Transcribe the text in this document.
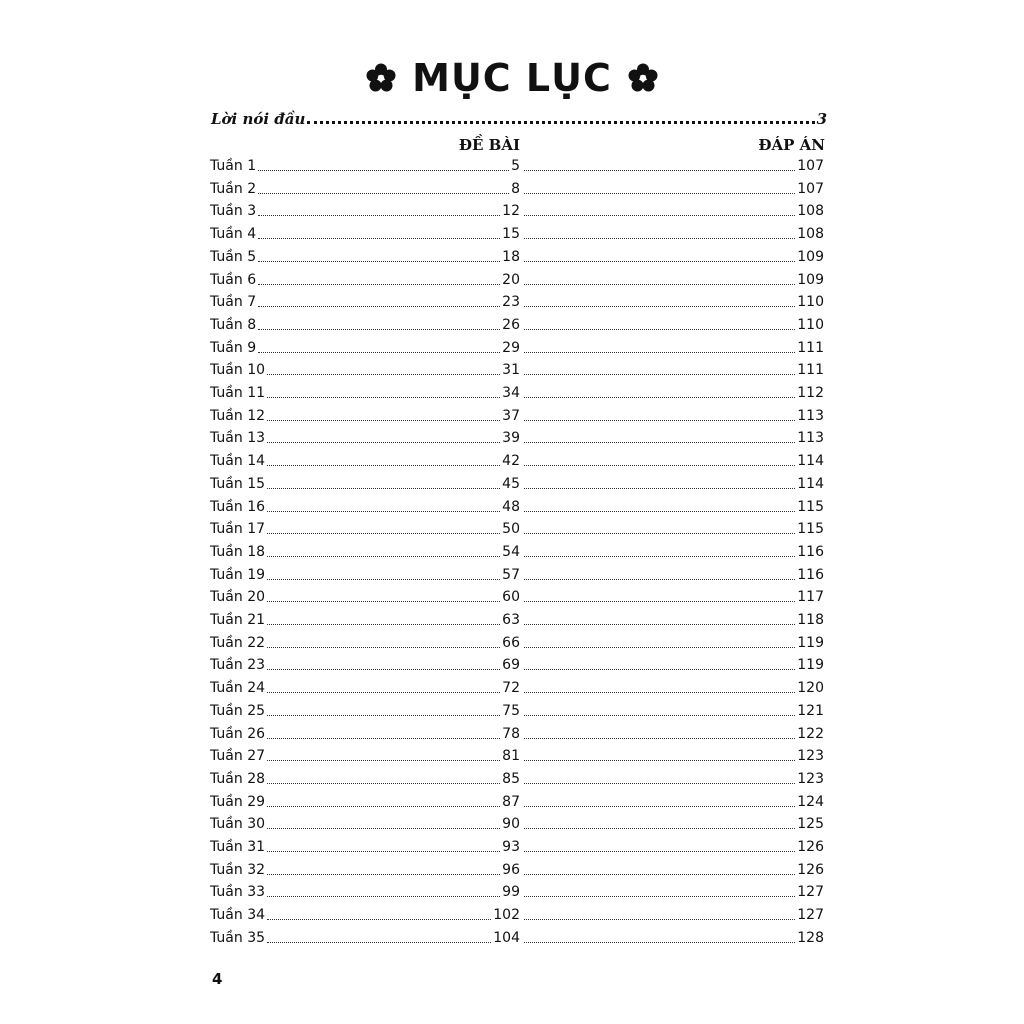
MỤC LỤC
Lời nói đầu	3
ĐỀ BÀI	ĐÁP ÁN
Tuần 1	5	107
Tuần 2	8	107
Tuần 3	12	108
Tuần 4	15	108
Tuần 5	18	109
Tuần 6	20	109
Tuần 7	23	110
Tuần 8	26	110
Tuần 9	29	111
Tuần 10	31	111
Tuần 11	34	112
Tuần 12	37	113
Tuần 13	39	113
Tuần 14	42	114
Tuần 15	45	114
Tuần 16	48	115
Tuần 17	50	115
Tuần 18	54	116
Tuần 19	57	116
Tuần 20	60	117
Tuần 21	63	118
Tuần 22	66	119
Tuần 23	69	119
Tuần 24	72	120
Tuần 25	75	121
Tuần 26	78	122
Tuần 27	81	123
Tuần 28	85	123
Tuần 29	87	124
Tuần 30	90	125
Tuần 31	93	126
Tuần 32	96	126
Tuần 33	99	127
Tuần 34	102	127
Tuần 35	104	128
4
